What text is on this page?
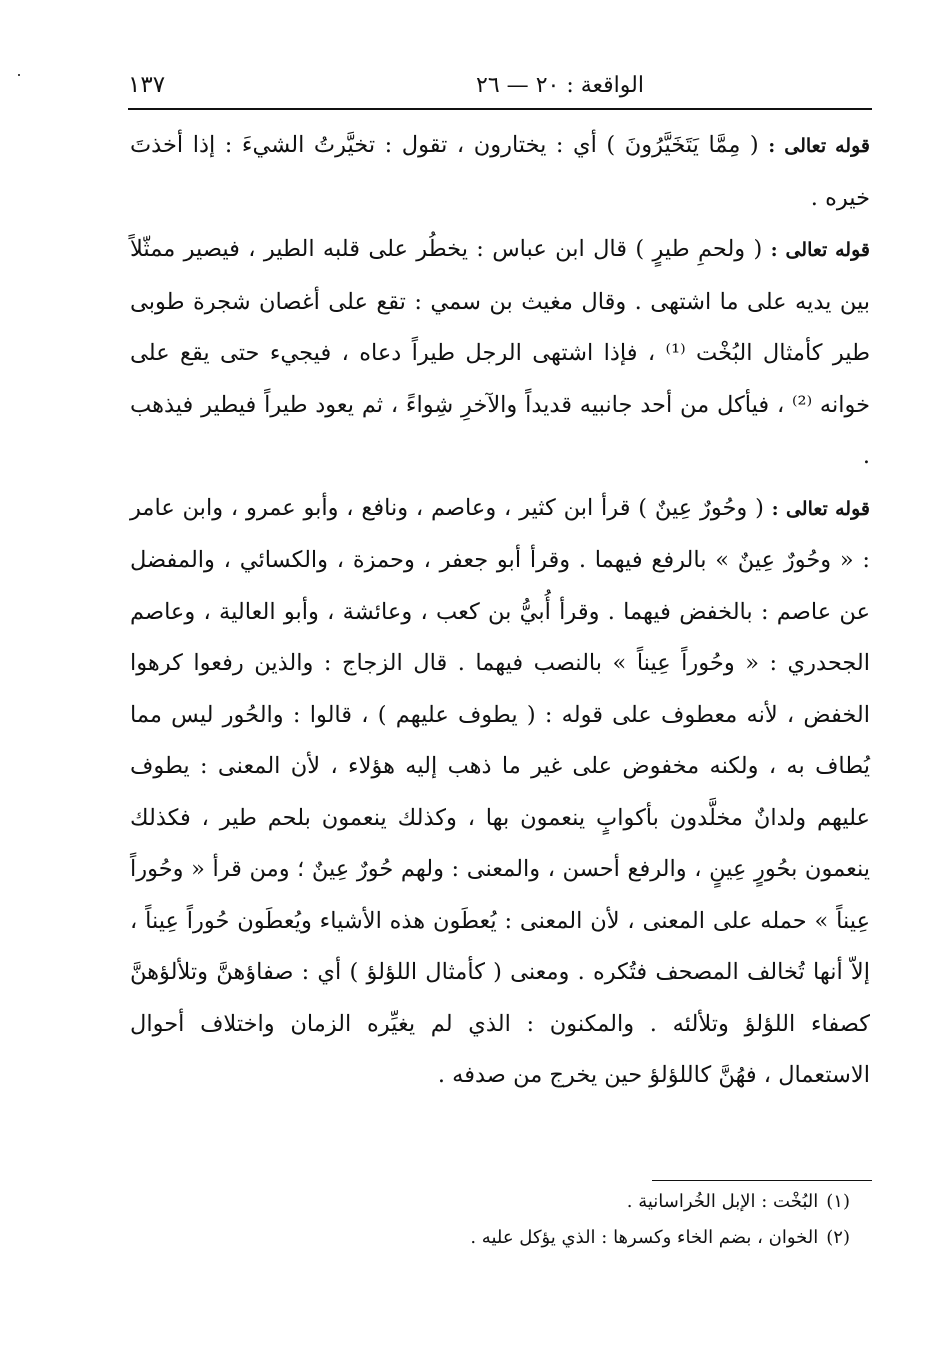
١٣٧	الواقعة : ٢٠ — ٢٦

قوله تعالى : ( مِمَّا يَتَخَيَّرُونَ ) أي : يختارون ، تقول : تخيَّرتُ الشيءَ : إذا أخذتَ خيره .

قوله تعالى : ( ولحمِ طيرٍ ) قال ابن عباس : يخطُر على قلبه الطير ، فيصير ممثّلاً بين يديه على ما اشتهى . وقال مغيث بن سمي : تقع على أغصان شجرة طوبى طير كأمثال البُخْت ⁽¹⁾ ، فإذا اشتهى الرجل طيراً دعاه ، فيجيء حتى يقع على خوانه ⁽²⁾ ، فيأكل من أحد جانبيه قديداً والآخرِ شِواءً ، ثم يعود طيراً فيطير فيذهب .

قوله تعالى : ( وحُورٌ عِينٌ ) قرأ ابن كثير ، وعاصم ، ونافع ، وأبو عمرو ، وابن عامر : « وحُورٌ عِينٌ » بالرفع فيهما . وقرأ أبو جعفر ، وحمزة ، والكسائي ، والمفضل عن عاصم : بالخفض فيهما . وقرأ أُبيُّ بن كعب ، وعائشة ، وأبو العالية ، وعاصم الجحدري : « وحُوراً عِيناً » بالنصب فيهما . قال الزجاج : والذين رفعوا كرهوا الخفض ، لأنه معطوف على قوله : ( يطوف عليهم ) ، قالوا : والحُور ليس مما يُطاف به ، ولكنه مخفوض على غير ما ذهب إليه هؤلاء ، لأن المعنى : يطوف عليهم ولدانٌ مخلَّدون بأكوابٍ ينعمون بها ، وكذلك ينعمون بلحم طير ، فكذلك ينعمون بحُورٍ عِينٍ ، والرفع أحسن ، والمعنى : ولهم حُورٌ عِينٌ ؛ ومن قرأ « وحُوراً عِيناً » حمله على المعنى ، لأن المعنى : يُعطَون هذه الأشياء ويُعطَون حُوراً عِيناً ، إلاّ أنها تُخالف المصحف فتُكره . ومعنى ( كأمثال اللؤلؤ ) أي : صفاؤهنَّ وتلألؤهنَّ كصفاء اللؤلؤ وتلألئه . والمكنون : الذي لم يغيِّره الزمان واختلاف أحوال الاستعمال ، فهُنَّ كاللؤلؤ حين يخرج من صدفه .

(١)البُخْت : الإبل الخُراسانية .

(٢)الخوان ، بضم الخاء وكسرها : الذي يؤكل عليه .
